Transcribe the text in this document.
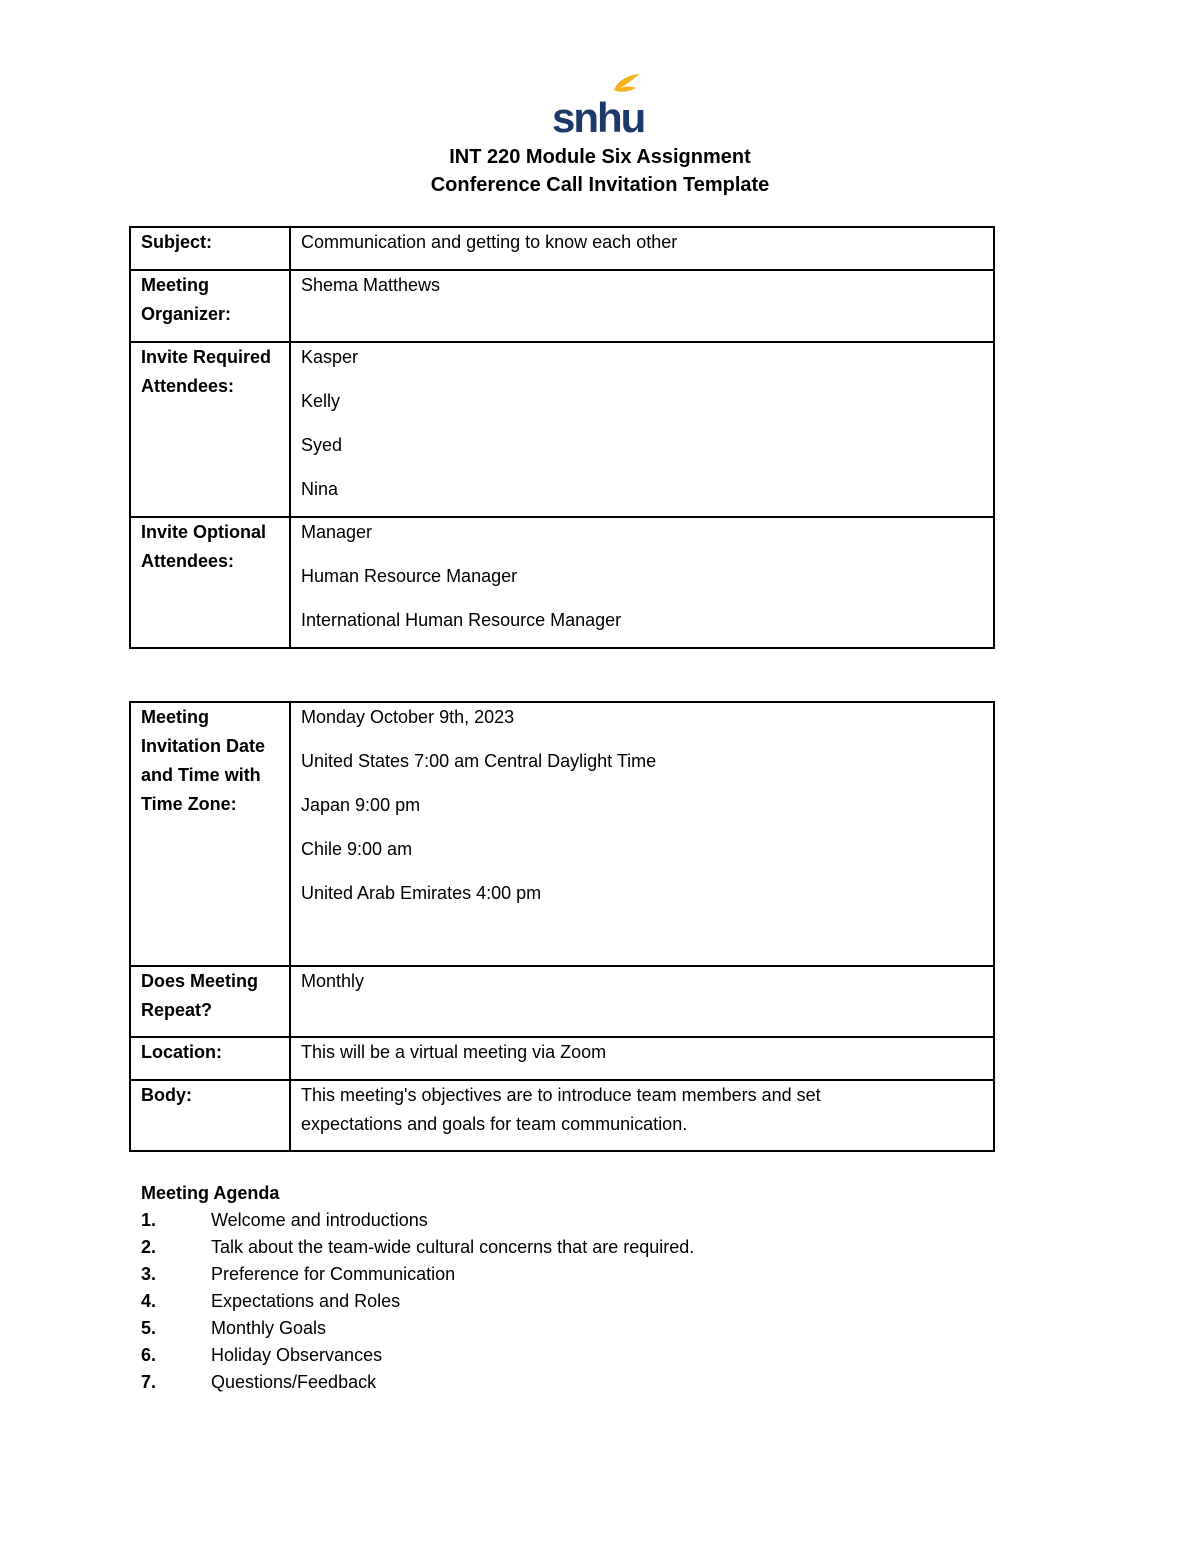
snhu
INT 220 Module Six Assignment
Conference Call Invitation Template
Subject:	Communication and getting to know each other

Meeting
Organizer:	Shema Matthews

Invite Required
Attendees:	Kasper
Kelly
Syed
Nina

Invite Optional
Attendees:	Manager
Human Resource Manager
International Human Resource Manager
Meeting
Invitation Date
and Time with
Time Zone:	Monday October 9th, 2023
United States 7:00 am Central Daylight Time
Japan 9:00 pm
Chile 9:00 am
United Arab Emirates 4:00 pm

Does Meeting
Repeat?	Monthly
Location:	This will be a virtual meeting via Zoom
Body:	This meeting's objectives are to introduce team members and set
expectations and goals for team communication.
Meeting Agenda
1.	Welcome and introductions
2.	Talk about the team-wide cultural concerns that are required.
3.	Preference for Communication
4.	Expectations and Roles
5.	Monthly Goals
6.	Holiday Observances
7.	Questions/Feedback
